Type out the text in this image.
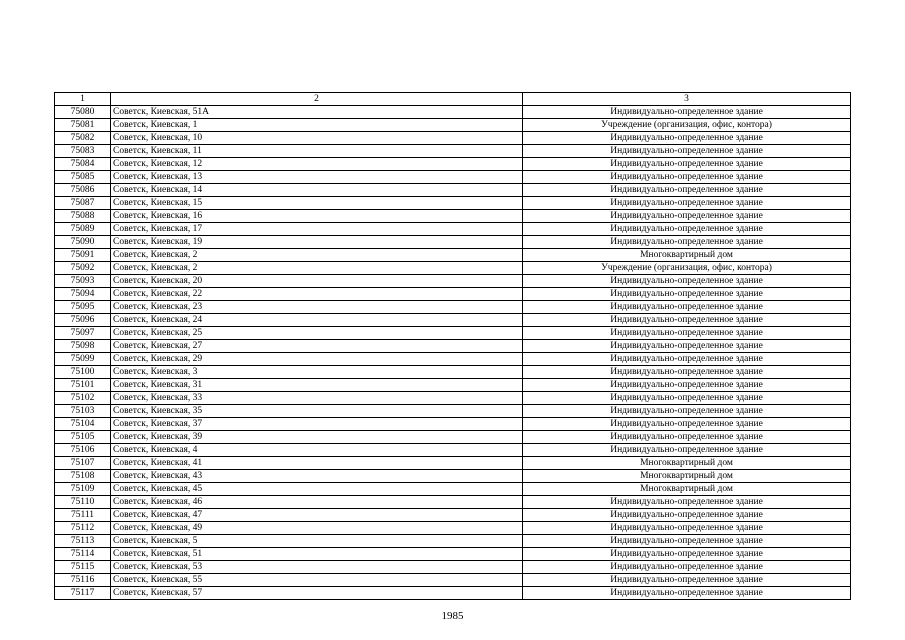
1	2	3
75080	Советск, Киевская, 51А	Индивидуально-определенное здание
75081	Советск, Киевская, 1	Учреждение (организация, офис, контора)
75082	Советск, Киевская, 10	Индивидуально-определенное здание
75083	Советск, Киевская, 11	Индивидуально-определенное здание
75084	Советск, Киевская, 12	Индивидуально-определенное здание
75085	Советск, Киевская, 13	Индивидуально-определенное здание
75086	Советск, Киевская, 14	Индивидуально-определенное здание
75087	Советск, Киевская, 15	Индивидуально-определенное здание
75088	Советск, Киевская, 16	Индивидуально-определенное здание
75089	Советск, Киевская, 17	Индивидуально-определенное здание
75090	Советск, Киевская, 19	Индивидуально-определенное здание
75091	Советск, Киевская, 2	Многоквартирный дом
75092	Советск, Киевская, 2	Учреждение (организация, офис, контора)
75093	Советск, Киевская, 20	Индивидуально-определенное здание
75094	Советск, Киевская, 22	Индивидуально-определенное здание
75095	Советск, Киевская, 23	Индивидуально-определенное здание
75096	Советск, Киевская, 24	Индивидуально-определенное здание
75097	Советск, Киевская, 25	Индивидуально-определенное здание
75098	Советск, Киевская, 27	Индивидуально-определенное здание
75099	Советск, Киевская, 29	Индивидуально-определенное здание
75100	Советск, Киевская, 3	Индивидуально-определенное здание
75101	Советск, Киевская, 31	Индивидуально-определенное здание
75102	Советск, Киевская, 33	Индивидуально-определенное здание
75103	Советск, Киевская, 35	Индивидуально-определенное здание
75104	Советск, Киевская, 37	Индивидуально-определенное здание
75105	Советск, Киевская, 39	Индивидуально-определенное здание
75106	Советск, Киевская, 4	Индивидуально-определенное здание
75107	Советск, Киевская, 41	Многоквартирный дом
75108	Советск, Киевская, 43	Многоквартирный дом
75109	Советск, Киевская, 45	Многоквартирный дом
75110	Советск, Киевская, 46	Индивидуально-определенное здание
75111	Советск, Киевская, 47	Индивидуально-определенное здание
75112	Советск, Киевская, 49	Индивидуально-определенное здание
75113	Советск, Киевская, 5	Индивидуально-определенное здание
75114	Советск, Киевская, 51	Индивидуально-определенное здание
75115	Советск, Киевская, 53	Индивидуально-определенное здание
75116	Советск, Киевская, 55	Индивидуально-определенное здание
75117	Советск, Киевская, 57	Индивидуально-определенное здание
1985
